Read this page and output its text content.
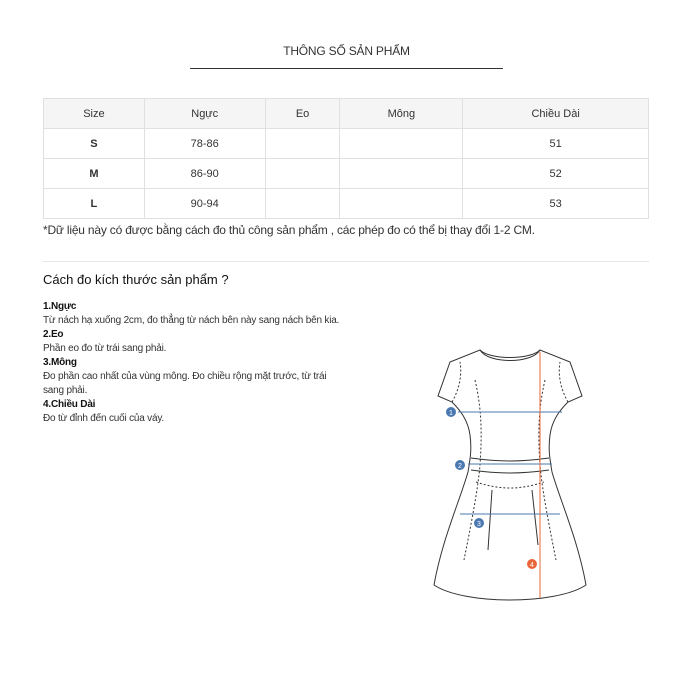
THÔNG SỐ SẢN PHẨM
Size	Ngực	Eo	Mông	Chiều Dài
S	78-86			51
M	86-90			52
L	90-94			53
*Dữ liệu này có được bằng cách đo thủ công sản phẩm , các phép đo có thể bị thay đổi 1-2 CM.
Cách đo kích thước sản phẩm ?

1.Ngực

Từ nách hạ xuống 2cm, đo thẳng từ nách bên này sang nách bên kia.

2.Eo

Phần eo đo từ trái sang phải.

3.Mông

Đo phần cao nhất của vùng mông. Đo chiều rộng mặt trước, từ trái sang phải.

4.Chiều Dài

Đo từ đỉnh đến cuối của váy.	1
2
3
4
